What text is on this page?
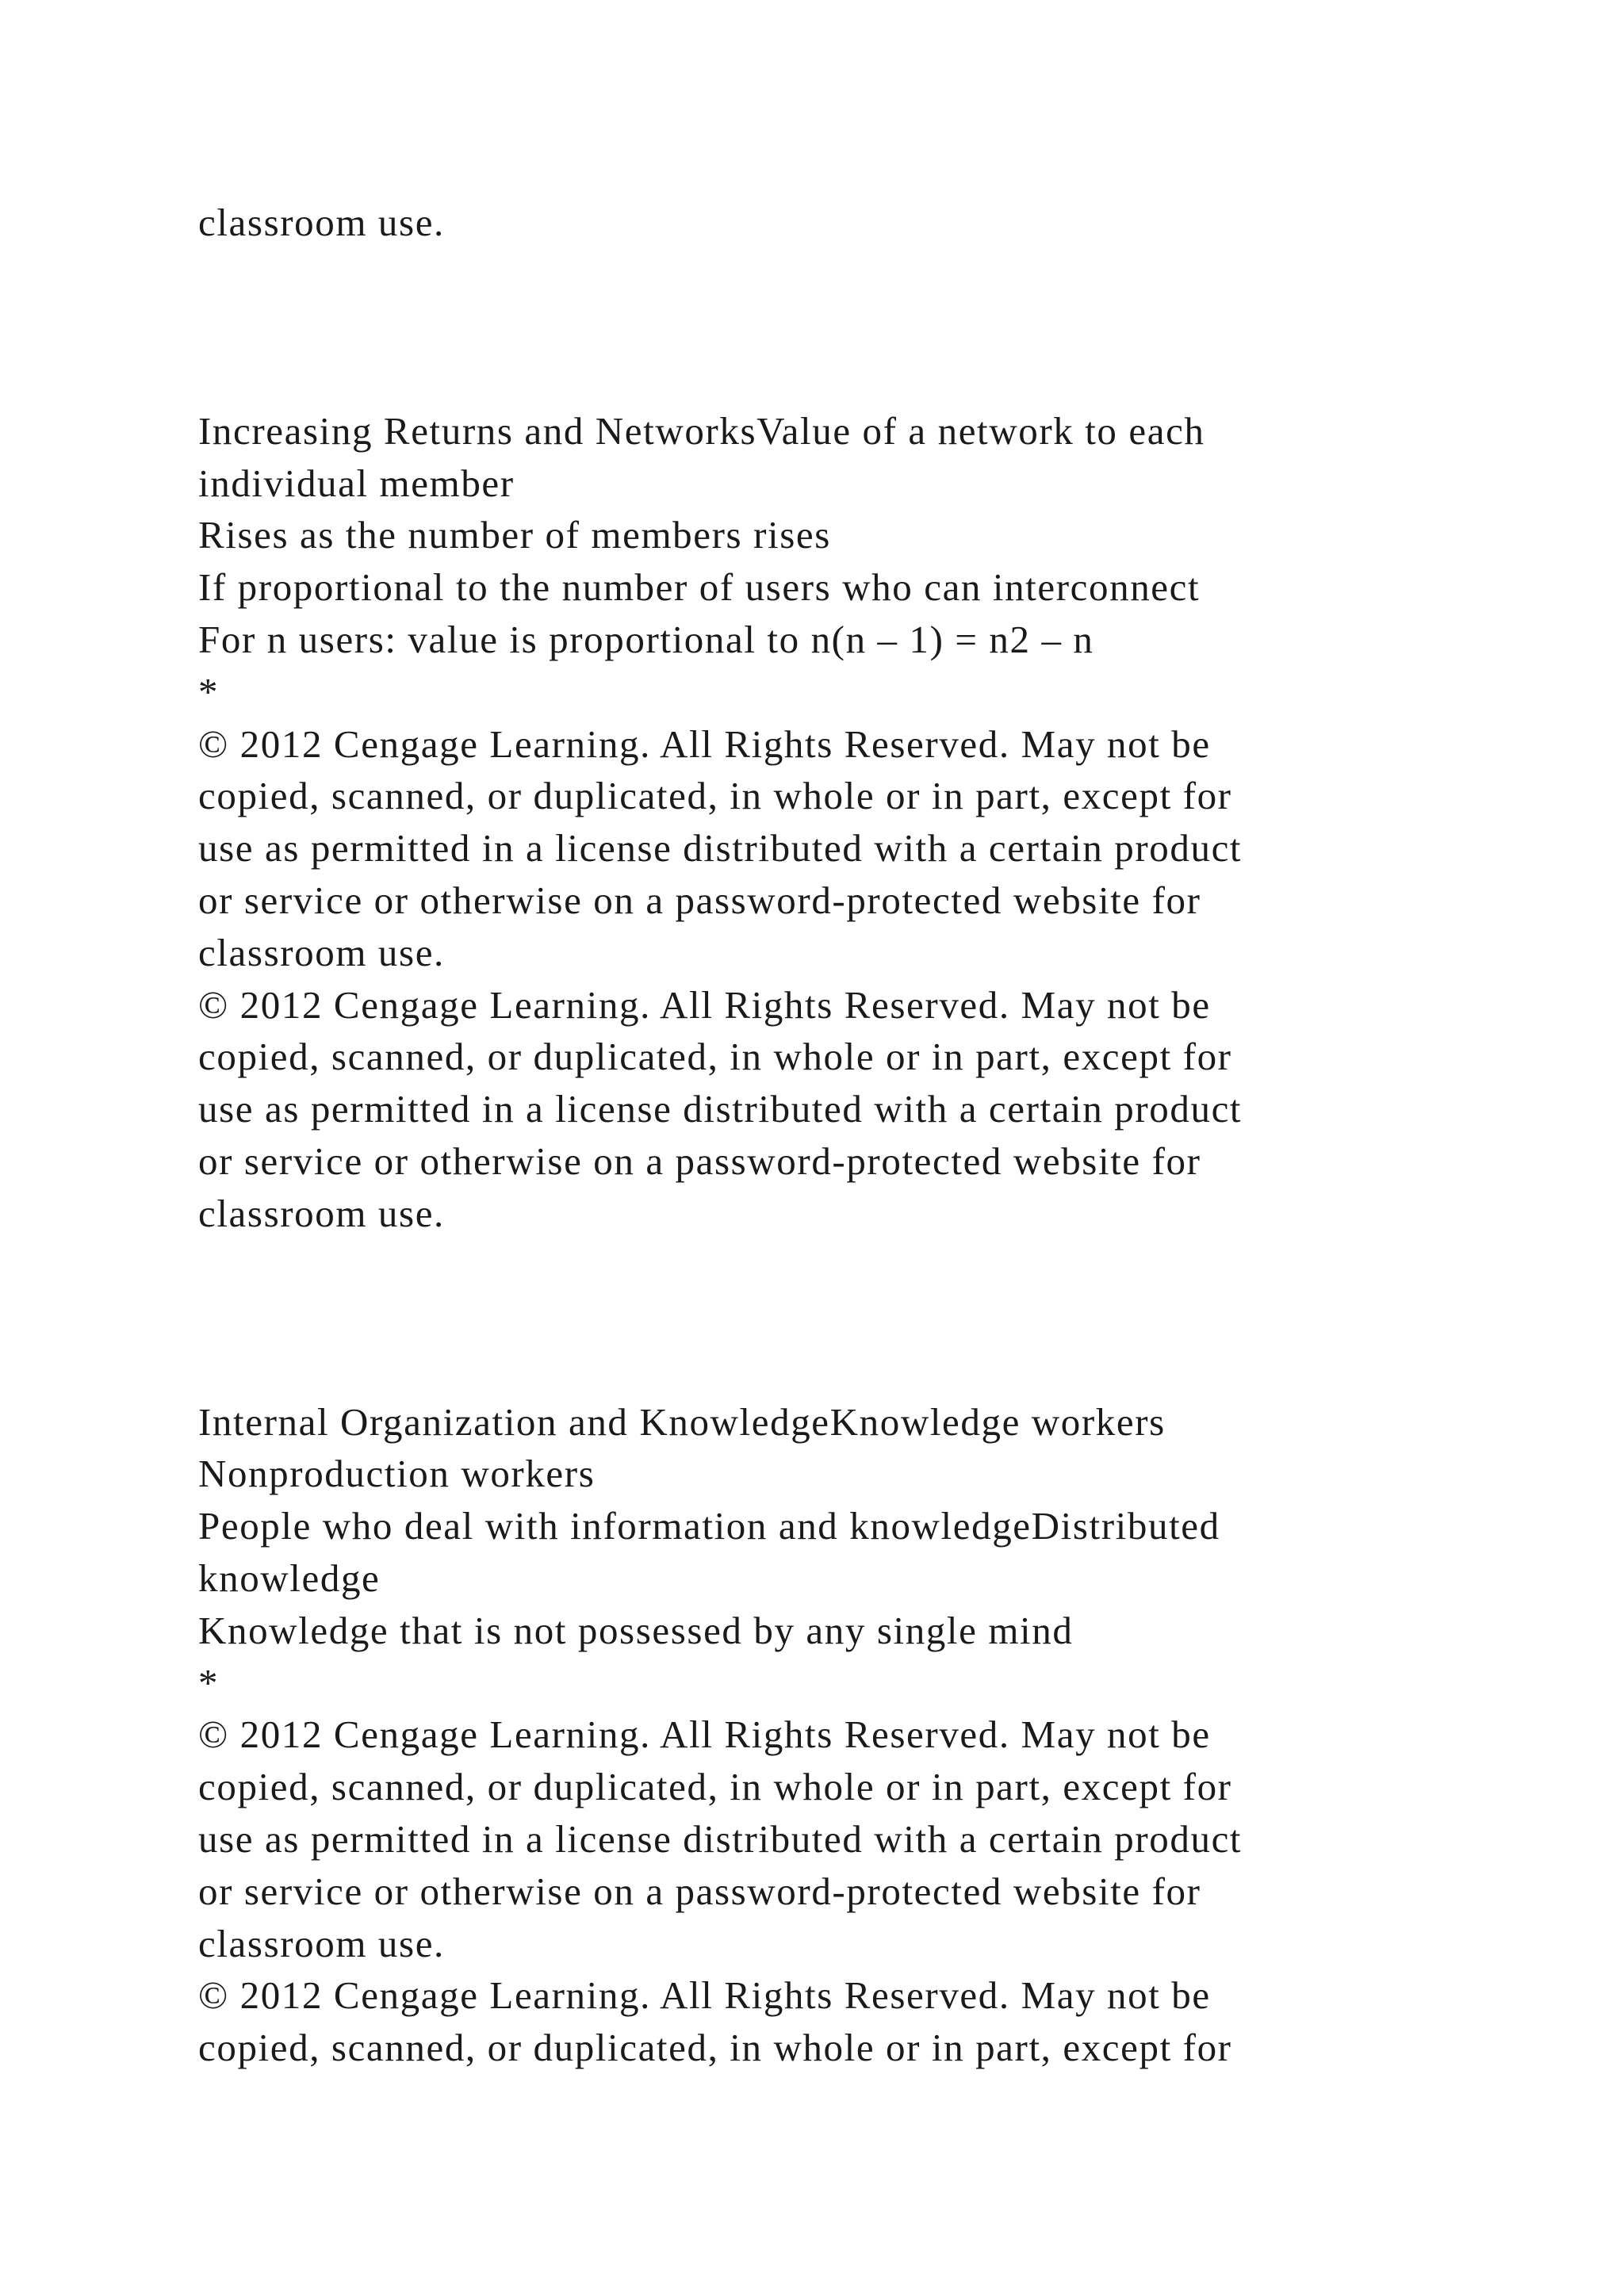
classroom use.
Increasing Returns and NetworksValue of a network to each
individual member
Rises as the number of members rises
If proportional to the number of users who can interconnect
For n users: value is proportional to n(n – 1) = n2 – n
*
© 2012 Cengage Learning. All Rights Reserved. May not be
copied, scanned, or duplicated, in whole or in part, except for
use as permitted in a license distributed with a certain product
or service or otherwise on a password-protected website for
classroom use.
© 2012 Cengage Learning. All Rights Reserved. May not be
copied, scanned, or duplicated, in whole or in part, except for
use as permitted in a license distributed with a certain product
or service or otherwise on a password-protected website for
classroom use.
Internal Organization and KnowledgeKnowledge workers
Nonproduction workers
People who deal with information and knowledgeDistributed
knowledge
Knowledge that is not possessed by any single mind
*
© 2012 Cengage Learning. All Rights Reserved. May not be
copied, scanned, or duplicated, in whole or in part, except for
use as permitted in a license distributed with a certain product
or service or otherwise on a password-protected website for
classroom use.
© 2012 Cengage Learning. All Rights Reserved. May not be
copied, scanned, or duplicated, in whole or in part, except for
